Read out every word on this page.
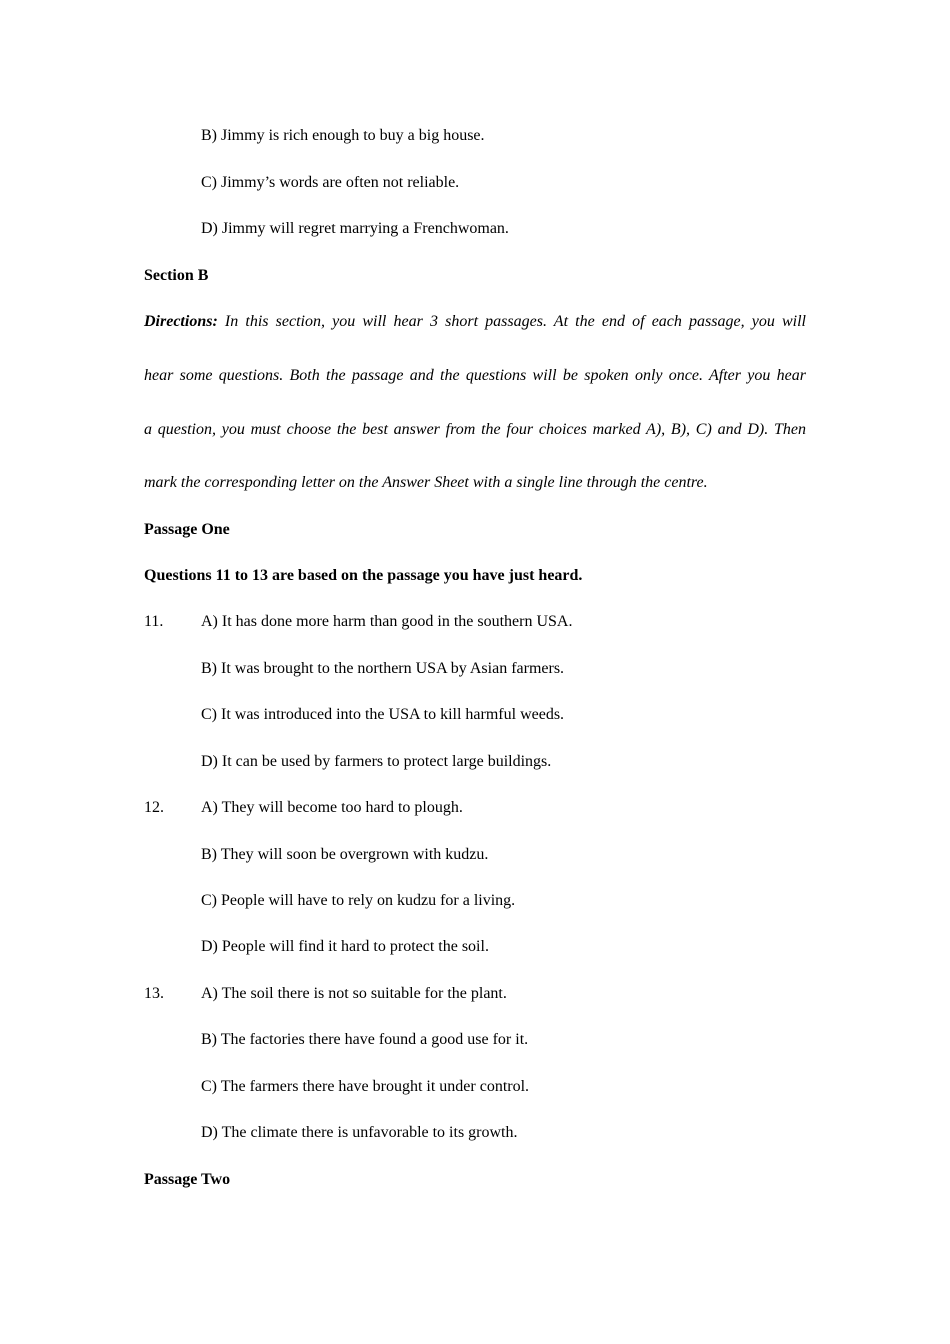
B) Jimmy is rich enough to buy a big house.
C) Jimmy’s words are often not reliable.
D) Jimmy will regret marrying a Frenchwoman.
Section B
Directions: In this section, you will hear 3 short passages. At the end of each passage, you will
hear some questions. Both the passage and the questions will be spoken only once. After you hear
a question, you must choose the best answer from the four choices marked A), B), C) and D). Then
mark the corresponding letter on the Answer Sheet with a single line through the centre.
Passage One
Questions 11 to 13 are based on the passage you have just heard.
11. A) It has done more harm than good in the southern USA.
B) It was brought to the northern USA by Asian farmers.
C) It was introduced into the USA to kill harmful weeds.
D) It can be used by farmers to protect large buildings.
12. A) They will become too hard to plough.
B) They will soon be overgrown with kudzu.
C) People will have to rely on kudzu for a living.
D) People will find it hard to protect the soil.
13. A) The soil there is not so suitable for the plant.
B) The factories there have found a good use for it.
C) The farmers there have brought it under control.
D) The climate there is unfavorable to its growth.
Passage Two
